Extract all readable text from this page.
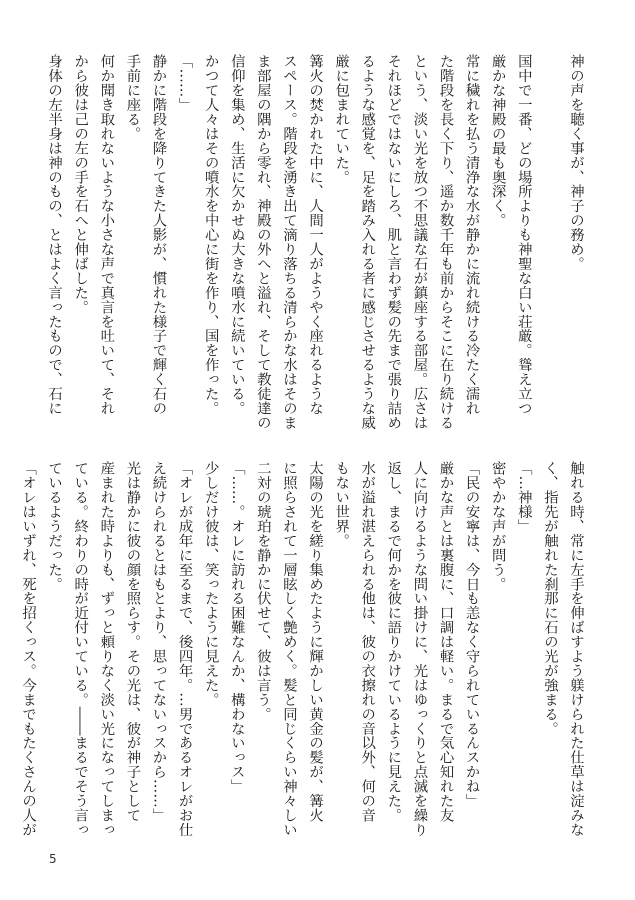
神の声を聴く事が、神子の務め。

国中で一番、どの場所よりも神聖な白い荘厳。聳え立つ
厳かな神殿の最も奥深く。
常に穢れを払う清浄な水が静かに流れ続ける冷たく濡れ
た階段を長く下り、遥か数千年も前からそこに在り続ける
という、淡い光を放つ不思議な石が鎮座する部屋。広さは
それほどではないにしろ、肌と言わず髪の先まで張り詰め
るような感覚を、足を踏み入れる者に感じさせるような威
厳に包まれていた。
篝火の焚かれた中に、人間一人がようやく座れるような
スペース。階段を湧き出て滴り落ちる清らかな水はそのま
ま部屋の隅から零れ、神殿の外へと溢れ、そして教徒達の
信仰を集め、生活に欠かせぬ大きな噴水に続いている。
かつて人々はその噴水を中心に街を作り、国を作った。
「……」
静かに階段を降りてきた人影が、慣れた様子で輝く石の
手前に座る。
何か聞き取れないような小さな声で真言を吐いて、それ
から彼は己の左の手を石へと伸ばした。
身体の左半身は神のもの、とはよく言ったもので、石に
触れる時、常に左手を伸ばすよう躾けられた仕草は淀みな
く、指先が触れた刹那に石の光が強まる。
「…神様」
密やかな声が問う。
「民の安寧は、今日も恙なく守られているんスかね」
厳かな声とは裏腹に、口調は軽い。まるで気心知れた友
人に向けるような問い掛けに、光はゆっくりと点滅を繰り
返し、まるで何かを彼に語りかけているように見えた。
水が溢れ湛えられる他は、彼の衣擦れの音以外、何の音
もない世界。
太陽の光を縒り集めたように輝かしい黄金の髪が、篝火
に照らされて一層眩しく艶めく。髪と同じくらい神々しい
二対の琥珀を静かに伏せて、彼は言う。
「……。オレに訪れる困難なんか、構わないっス」
少しだけ彼は、笑ったように見えた。
「オレが成年に至るまで、後四年。…男であるオレがお仕
え続けられるとはもとより、思ってないっスから……」
光は静かに彼の顔を照らす。その光は、彼が神子として
産まれた時よりも、ずっと頼りなく淡い光になってしまっ
ている。終わりの時が近付いている。――まるでそう言っ
ているようだった。
「オレはいずれ、死を招くっス。今までもたくさんの人が
5
